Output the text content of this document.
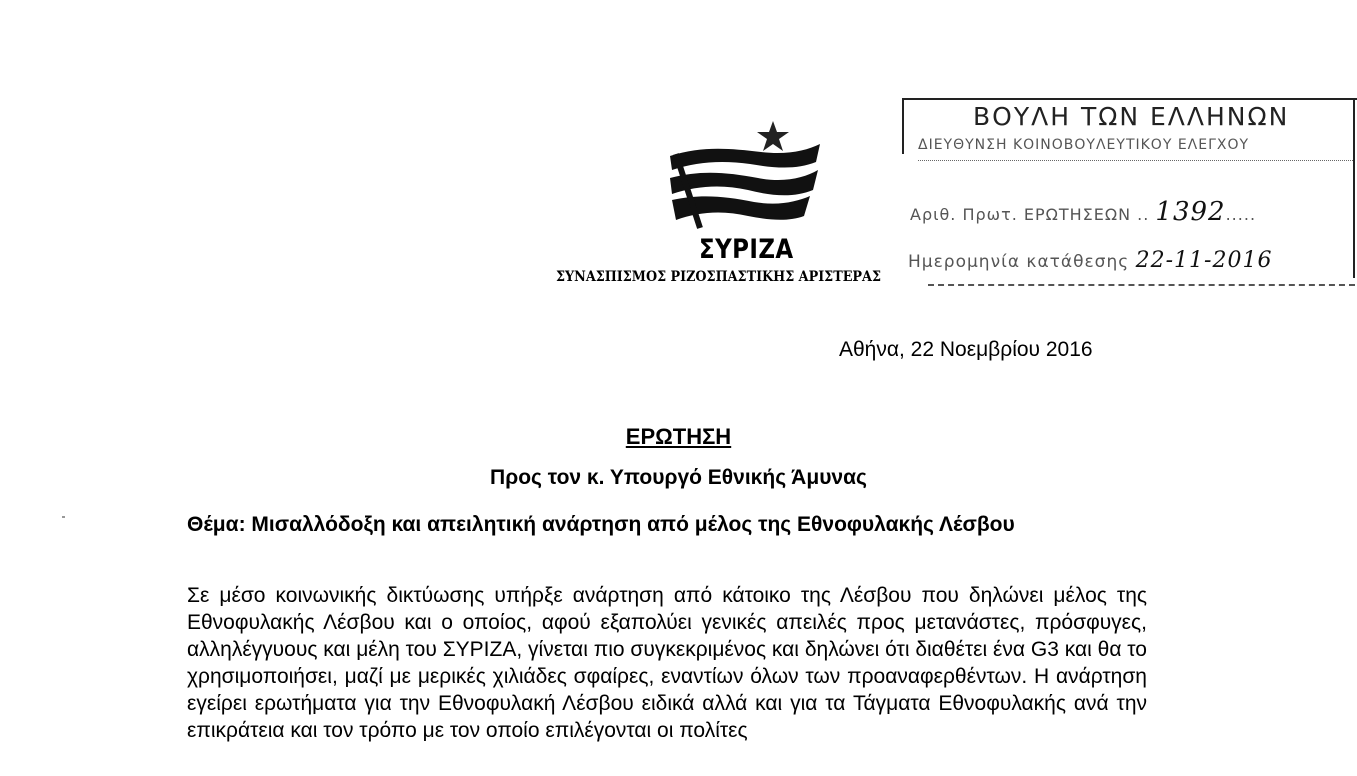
ΣΥΡΙΖΑ
ΣΥΝΑΣΠΙΣΜΟΣ ΡΙΖΟΣΠΑΣΤΙΚΗΣ ΑΡΙΣΤΕΡΑΣ
ΒΟΥΛΗ ΤΩΝ ΕΛΛΗΝΩΝ
ΔΙΕΥΘΥΝΣΗ ΚΟΙΝΟΒΟΥΛΕΥΤΙΚΟΥ ΕΛΕΓΧΟΥ
Αριθ. Πρωτ. ΕΡΩΤΗΣΕΩΝ .. 1392.....
Ημερομηνία κατάθεσης 22-11-2016
Αθήνα, 22 Νοεμβρίου 2016
ΕΡΩΤΗΣΗ
Προς τον κ. Υπουργό Εθνικής Άμυνας
Θέμα: Μισαλλόδοξη και απειλητική ανάρτηση από μέλος της Εθνοφυλακής Λέσβου

Σε μέσο κοινωνικής δικτύωσης υπήρξε ανάρτηση από κάτοικο της Λέσβου που δηλώνει μέλος της Εθνοφυλακής Λέσβου και ο οποίος, αφού εξαπολύει γενικές απειλές προς μετανάστες, πρόσφυγες, αλληλέγγυους και μέλη του ΣΥΡΙΖΑ, γίνεται πιο συγκεκριμένος και δηλώνει ότι διαθέτει ένα G3 και θα το χρησιμοποιήσει, μαζί με μερικές χιλιάδες σφαίρες, εναντίων όλων των προαναφερθέντων. Η ανάρτηση εγείρει ερωτήματα για την Εθνοφυλακή Λέσβου ειδικά αλλά και για τα Τάγματα Εθνοφυλακής ανά την επικράτεια και τον τρόπο με τον οποίο επιλέγονται οι πολίτες
